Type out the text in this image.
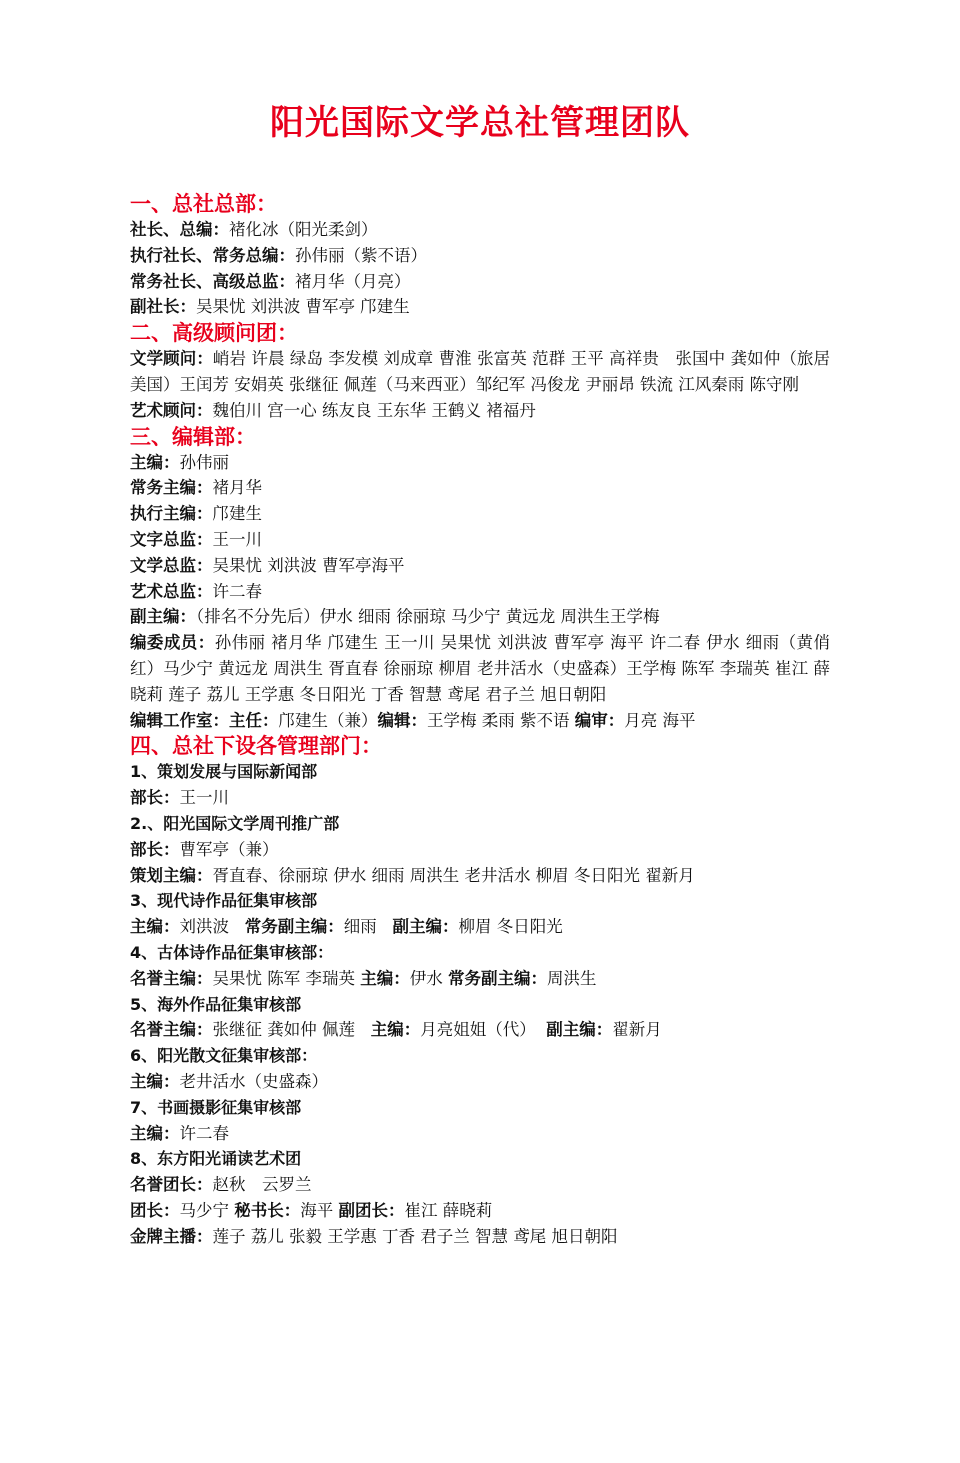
阳光国际文学总社管理团队
一、总社总部：
社长、总编：褚化冰（阳光柔剑）
执行社长、常务总编：孙伟丽（紫不语）
常务社长、高级总监：褚月华（月亮）
副社长：吴果忧 刘洪波 曹军亭 邝建生
二、高级顾问团：
文学顾问：峭岩 许晨 绿岛 李发模 刘成章 曹淮 张富英 范群 王平 高祥贵　张国中 龚如仲（旅居美国）王闰芳 安娟英 张继征 佩莲（马来西亚）邹纪军 冯俊龙 尹丽昂 铁流 江风秦雨 陈守刚
艺术顾问：魏伯川 宫一心 练友良 王东华 王鹤义 褚福丹
三、编辑部：
主编：孙伟丽
常务主编：褚月华
执行主编：邝建生
文字总监：王一川
文学总监：吴果忧 刘洪波 曹军亭海平
艺术总监：许二春
副主编：（排名不分先后）伊水 细雨 徐丽琼 马少宁 黄远龙 周洪生王学梅
编委成员：孙伟丽 褚月华 邝建生 王一川 吴果忧 刘洪波 曹军亭 海平 许二春 伊水 细雨（黄俏红）马少宁 黄远龙 周洪生 胥直春 徐丽琼 柳眉 老井活水（史盛森）王学梅 陈军 李瑞英 崔江 薛晓莉 莲子 荔儿 王学惠 冬日阳光 丁香 智慧 鸢尾 君子兰 旭日朝阳
编辑工作室：主任：邝建生（兼）编辑：王学梅 柔雨 紫不语 编审：月亮 海平
四、总社下设各管理部门：
1、策划发展与国际新闻部
部长：王一川
2.、阳光国际文学周刊推广部
部长：曹军亭（兼）
策划主编：胥直春、徐丽琼 伊水 细雨 周洪生 老井活水 柳眉 冬日阳光 翟新月
3、现代诗作品征集审核部
主编：刘洪波 常务副主编：细雨 副主编：柳眉 冬日阳光
4、古体诗作品征集审核部：
名誉主编：吴果忧 陈军 李瑞英 主编：伊水 常务副主编：周洪生
5、海外作品征集审核部
名誉主编：张继征 龚如仲 佩莲 主编：月亮姐姐（代） 副主编：翟新月
6、阳光散文征集审核部：
主编：老井活水（史盛森）
7、书画摄影征集审核部
主编：许二春
8、东方阳光诵读艺术团
名誉团长：赵秋　云罗兰
团长：马少宁 秘书长：海平 副团长：崔江 薛晓莉
金牌主播：莲子 荔儿 张毅 王学惠 丁香 君子兰 智慧 鸢尾 旭日朝阳
